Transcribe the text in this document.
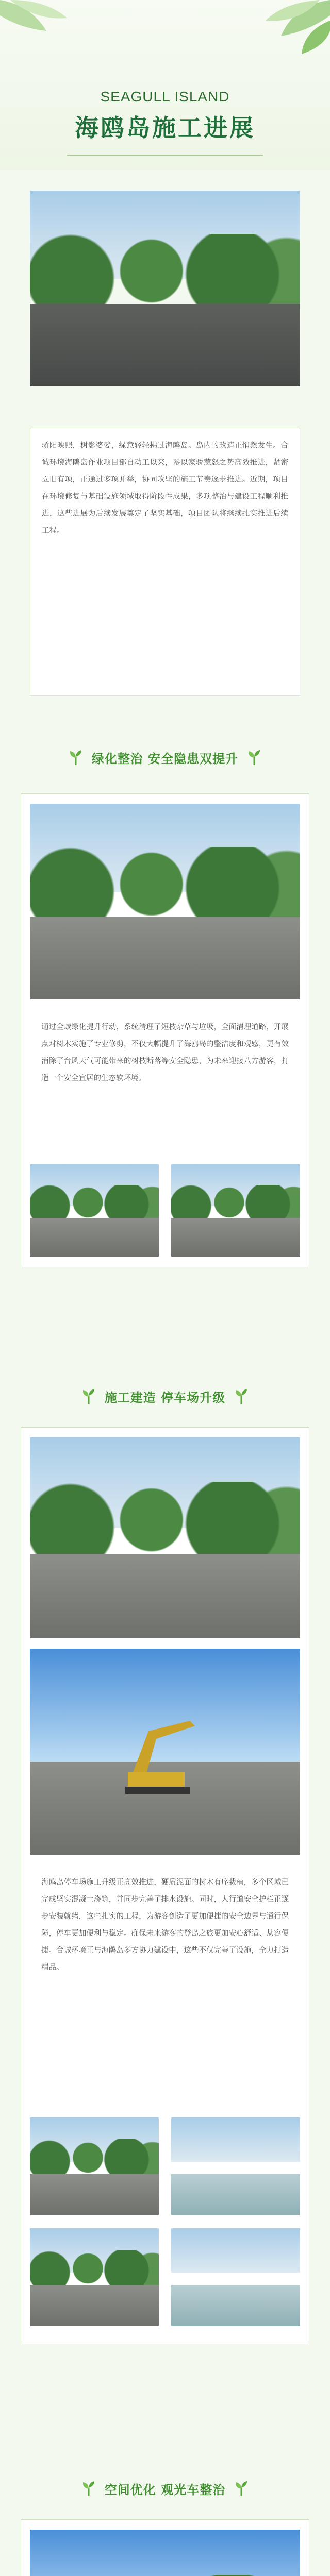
SEAGULL ISLAND
海鸥岛施工进展
骄阳映照，树影婆娑，绿意轻轻拂过海鸥岛。岛内的改造正悄然发生。合诚环境海鸥岛作业项目部自动工以来，参以家骄惹怒之势高效推进，紧密立旧有项，正通过多项并举，协同攻坚的施工节奏逐步推进。近期，项目在环境修复与基础设施领域取得阶段性成果，多项整治与建设工程顺利推进，这些进展为后续发展奠定了坚实基础，项目团队将继续扎实推进后续工程。
绿化整治 安全隐患双提升
通过全域绿化提升行动，系统清理了短枝杂草与垃圾，全面清理道路，开展点对树木实施了专业修剪，不仅大幅提升了海鸥岛的整洁度和观感，更有效消除了台风天气可能带来的树枝断落等安全隐患，为未来迎接八方游客，打造一个安全宜居的生态软环境。
施工建造 停车场升级
海鸥岛停车场施工升级正高效推进，硬质泥面的树木有序栽植，多个区域已完成坚实混凝土浇筑，并同步完善了排水设施。同时，人行道安全护栏正逐步安装就绪，这些扎实的工程，为游客创造了更加便捷的安全边界与通行保障，停车更加便利与稳定。确保未来游客的登岛之旅更加安心舒适、从容便捷。合诚环境正与海鸥岛多方协力建设中，这些不仅完善了设施，全力打造精品。
空间优化 观光车整治
